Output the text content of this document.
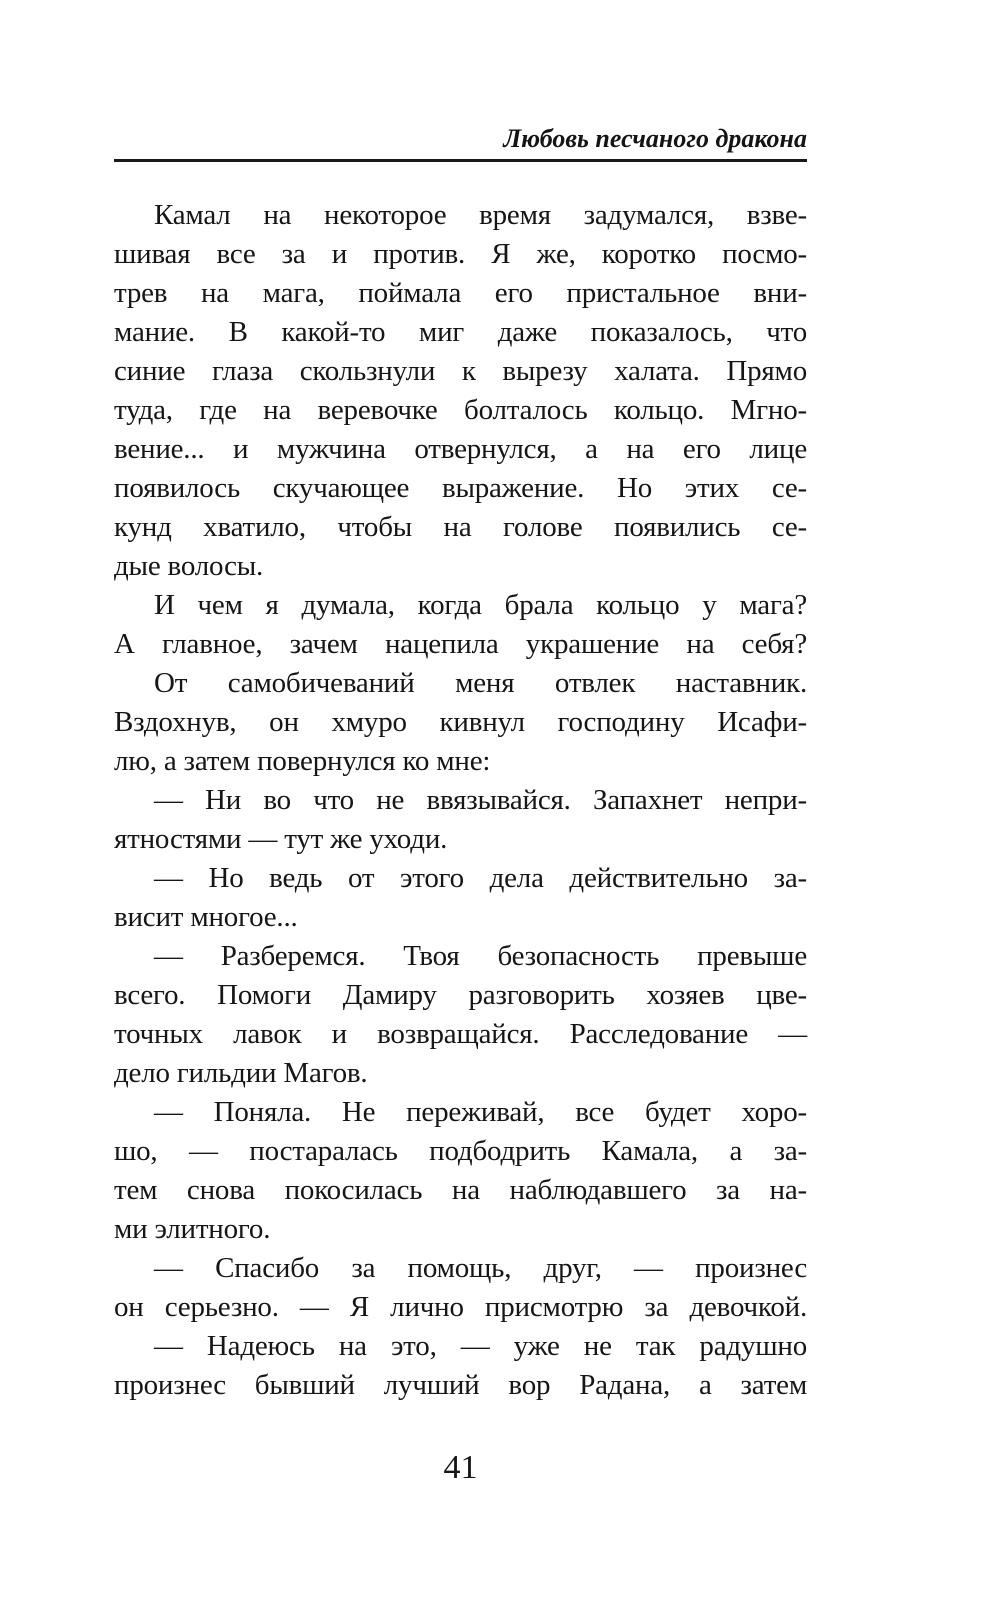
Любовь песчаного дракона
Камал на некоторое время задумался, взве-
шивая все за и против. Я же, коротко посмо-
трев на мага, поймала его пристальное вни-
мание. В какой-то миг даже показалось, что
синие глаза скользнули к вырезу халата. Прямо
туда, где на веревочке болталось кольцо. Мгно-
вение... и мужчина отвернулся, а на его лице
появилось скучающее выражение. Но этих се-
кунд хватило, чтобы на голове появились се-
дые волосы.
И чем я думала, когда брала кольцо у мага?
А главное, зачем нацепила украшение на себя?
От самобичеваний меня отвлек наставник.
Вздохнув, он хмуро кивнул господину Исафи-
лю, а затем повернулся ко мне:
— Ни во что не ввязывайся. Запахнет непри-
ятностями — тут же уходи.
— Но ведь от этого дела действительно за-
висит многое...
— Разберемся. Твоя безопасность превыше
всего. Помоги Дамиру разговорить хозяев цве-
точных лавок и возвращайся. Расследование —
дело гильдии Магов.
— Поняла. Не переживай, все будет хоро-
шо, — постаралась подбодрить Камала, а за-
тем снова покосилась на наблюдавшего за на-
ми элитного.
— Спасибо за помощь, друг, — произнес
он серьезно. — Я лично присмотрю за девочкой.
— Надеюсь на это, — уже не так радушно
произнес бывший лучший вор Радана, а затем
41
